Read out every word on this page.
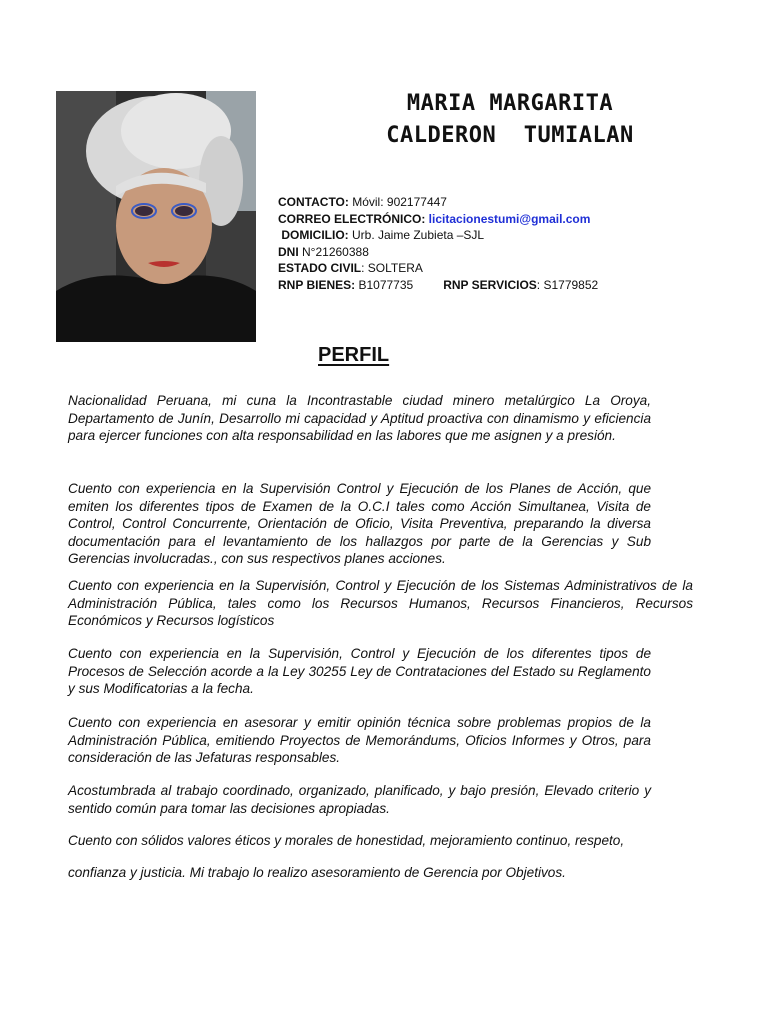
MARIA MARGARITA
CALDERON  TUMIALAN
CONTACTO: Móvil: 902177447
CORREO ELECTRÓNICO: licitacionestumi@gmail.com
DOMICILIO: Urb. Jaime Zubieta –SJL
DNI N°21260388
ESTADO CIVIL: SOLTERA
RNP BIENES: B1077735	RNP SERVICIOS: S1779852
PERFIL
Nacionalidad Peruana, mi cuna la Incontrastable ciudad minero metalúrgico La Oroya, Departamento de Junín, Desarrollo mi capacidad y Aptitud proactiva con dinamismo y eficiencia para ejercer funciones con alta responsabilidad en las labores que me asignen y a presión.
Cuento con experiencia en la Supervisión Control y Ejecución de los Planes de Acción, que emiten los diferentes tipos de Examen de la O.C.I tales como Acción Simultanea, Visita de Control, Control Concurrente, Orientación de Oficio, Visita Preventiva, preparando la diversa documentación para el levantamiento de los hallazgos por parte de la Gerencias y Sub Gerencias involucradas., con sus respectivos planes acciones.
Cuento con experiencia en la Supervisión, Control y Ejecución de los Sistemas Administrativos de la Administración Pública, tales como los Recursos Humanos, Recursos Financieros, Recursos Económicos y Recursos logísticos
Cuento con experiencia en la Supervisión, Control y Ejecución de los diferentes tipos de Procesos de Selección acorde a la Ley 30255 Ley de Contrataciones del Estado su Reglamento y sus Modificatorias a la fecha.
Cuento con experiencia en asesorar y emitir opinión técnica sobre problemas propios de la Administración Pública, emitiendo Proyectos de Memorándums, Oficios Informes y Otros, para consideración de las Jefaturas responsables.
Acostumbrada al trabajo coordinado, organizado, planificado, y bajo presión, Elevado criterio y sentido común para tomar las decisiones apropiadas.
Cuento con sólidos valores éticos y morales de honestidad, mejoramiento continuo, respeto,
confianza y justicia. Mi trabajo lo realizo asesoramiento de Gerencia por Objetivos.
